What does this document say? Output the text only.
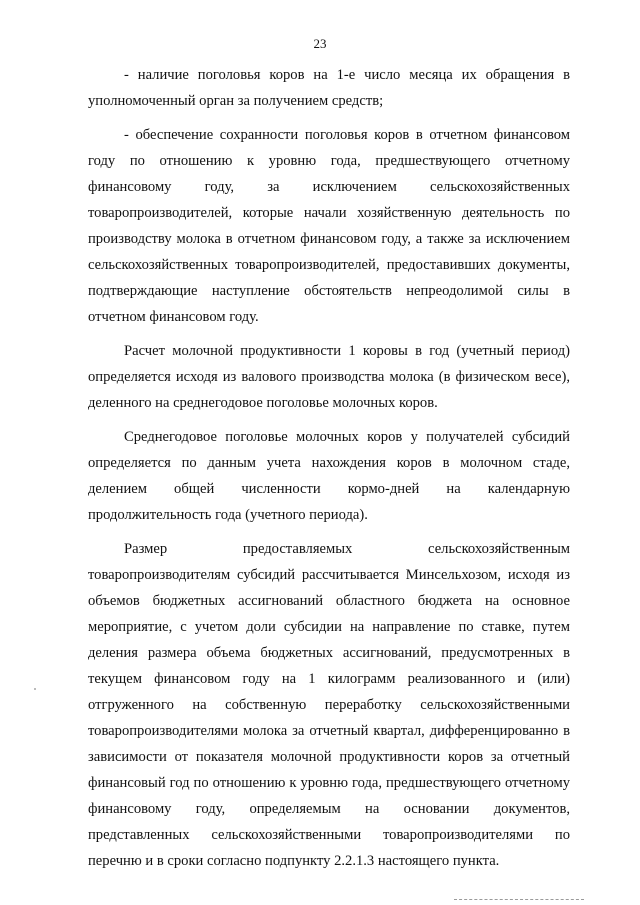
23

- наличие поголовья коров на 1-е число месяца их обращения в уполномоченный орган за получением средств;

- обеспечение сохранности поголовья коров в отчетном финансовом году по отношению к уровню года, предшествующего отчетному финансовому году, за исключением сельскохозяйственных товаропроизводителей, которые начали хозяйственную деятельность по производству молока в отчетном финансовом году, а также за исключением сельскохозяйственных товаропроизводителей, предоставивших документы, подтверждающие наступление обстоятельств непреодолимой силы в отчетном финансовом году.

Расчет молочной продуктивности 1 коровы в год (учетный период) определяется исходя из валового производства молока (в физическом весе), деленного на среднегодовое поголовье молочных коров.

Среднегодовое поголовье молочных коров у получателей субсидий определяется по данным учета нахождения коров в молочном стаде, делением общей численности кормо-дней на календарную продолжительность года (учетного периода).

Размер предоставляемых сельскохозяйственным товаропроизводителям субсидий рассчитывается Минсельхозом, исходя из объемов бюджетных ассигнований областного бюджета на основное мероприятие, с учетом доли субсидии на направление по ставке, путем деления размера объема бюджетных ассигнований, предусмотренных в текущем финансовом году на 1 килограмм реализованного и (или) отгруженного на собственную переработку сельскохозяйственными товаропроизводителями молока за отчетный квартал, дифференцированно в зависимости от показателя молочной продуктивности коров за отчетный финансовый год по отношению к уровню года, предшествующего отчетному финансовому году, определяемым на основании документов, представленных сельскохозяйственными товаропроизводителями по перечню и в сроки согласно подпункту 2.2.1.3 настоящего пункта.
